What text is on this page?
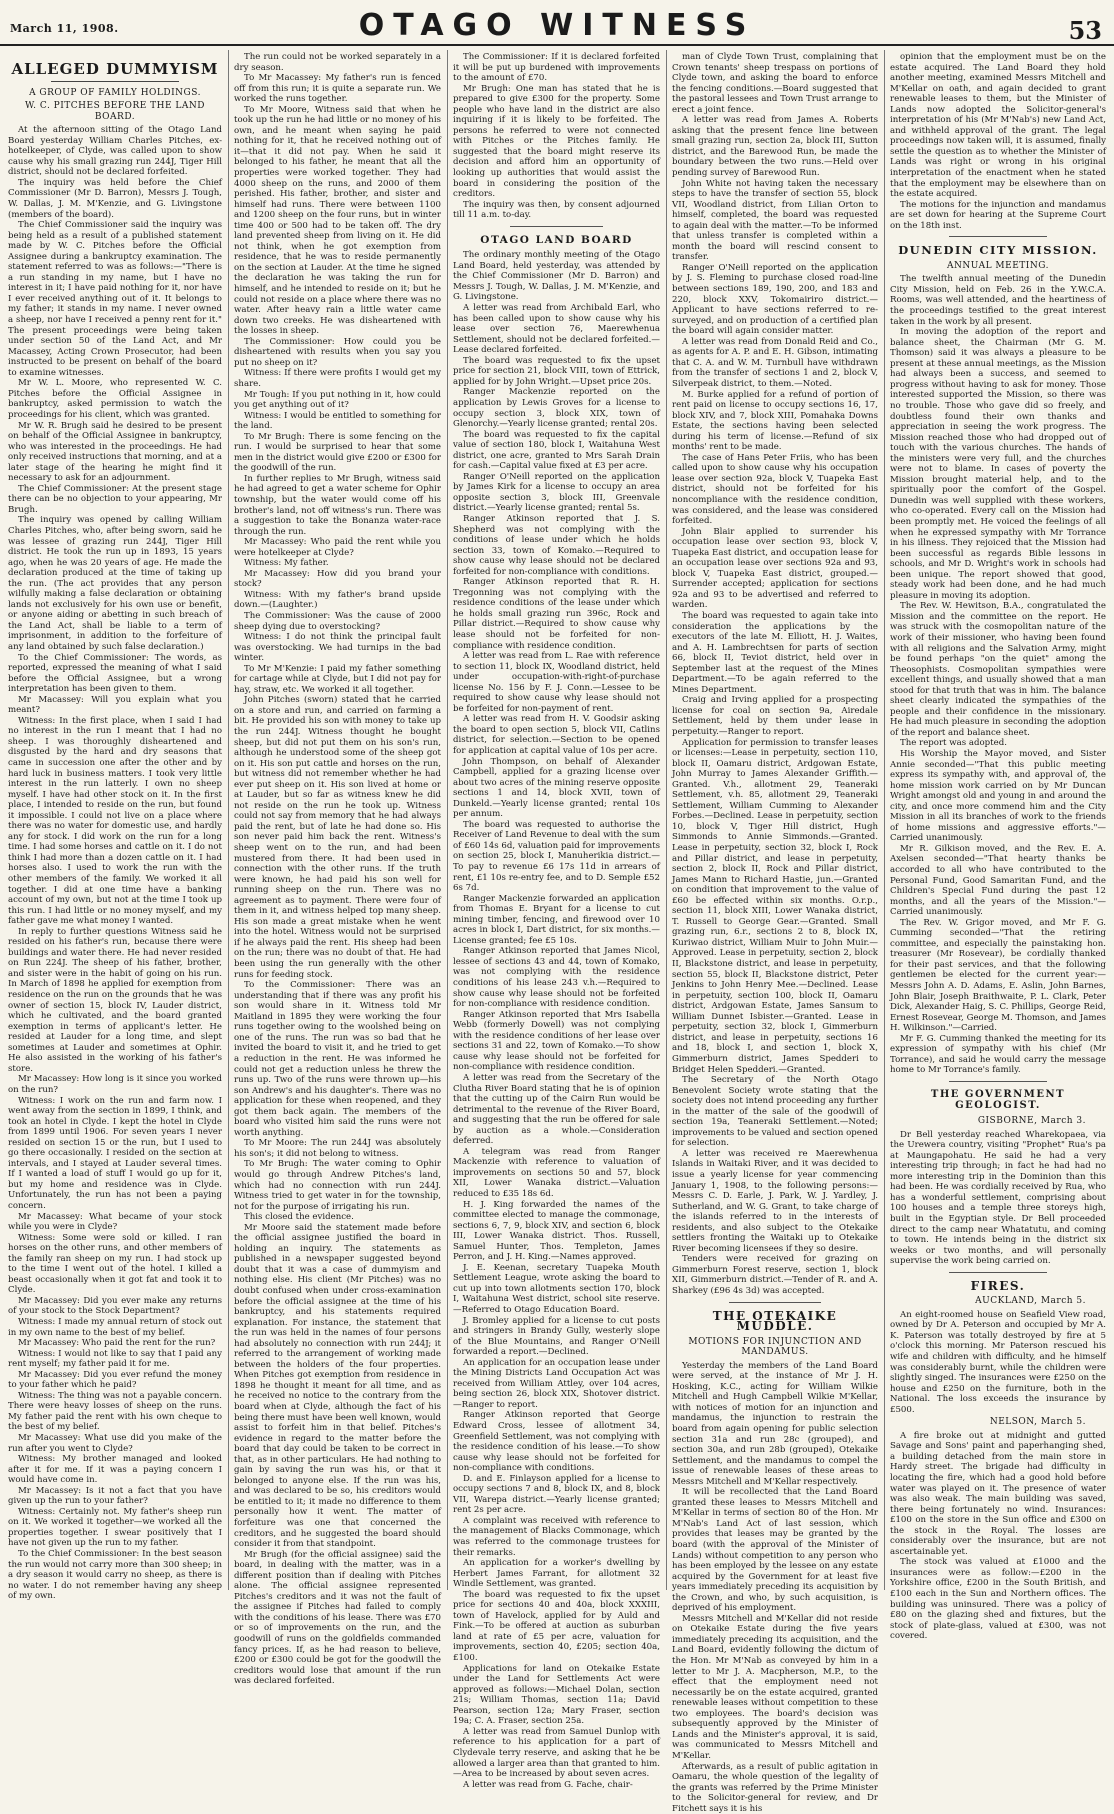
March 11, 1908.	OTAGO WITNESS	53
ALLEGED DUMMYISM
A GROUP OF FAMILY HOLDINGS.
W. C. PITCHES BEFORE THE LAND BOARD.

At the afternoon sitting of the Otago Land Board yesterday William Charles Pitches, ex-hotelkeeper, of Clyde, was called upon to show cause why his small grazing run 244J, Tiger Hill district, should not be declared forfeited.

The inquiry was held before the Chief Commissioner (Mr D. Barron), Messrs J. Tough, W. Dallas, J. M. M'Kenzie, and G. Livingstone (members of the board).

The Chief Commissioner said the inquiry was being held as a result of a published statement made by W. C. Pitches before the Official Assignee during a bankruptcy examination. The statement referred to was as follows:—"There is a run standing in my name, but I have no interest in it; I have paid nothing for it, nor have I ever received anything out of it. It belongs to my father; it stands in my name. I never owned a sheep, nor have I received a penny rent for it." The present proceedings were being taken under section 50 of the Land Act, and Mr Macassey, Acting Crown Prosecutor, had been instructed to be present on behalf of the board to examine witnesses.

Mr W. L. Moore, who represented W. C. Pitches before the Official Assignee in bankruptcy, asked permission to watch the proceedings for his client, which was granted.

Mr W. R. Brugh said he desired to be present on behalf of the Official Assignee in bankruptcy, who was interested in the proceedings. He had only received instructions that morning, and at a later stage of the hearing he might find it necessary to ask for an adjournment.

The Chief Commissioner: At the present stage there can be no objection to your appearing, Mr Brugh.

The inquiry was opened by calling William Charles Pitches, who, after being sworn, said he was lessee of grazing run 244J, Tiger Hill district. He took the run up in 1893, 15 years ago, when he was 20 years of age. He made the declaration produced at the time of taking up the run. (The act provides that any person wilfully making a false declaration or obtaining lands not exclusively for his own use or benefit, or anyone aiding or abetting in such breach of the Land Act, shall be liable to a term of imprisonment, in addition to the forfeiture of any land obtained by such false declaration.)

To the Chief Commissioner: The words, as reported, expressed the meaning of what I said before the Official Assignee, but a wrong interpretation has been given to them.

Mr Macassey: Will you explain what you meant?

Witness: In the first place, when I said I had no interest in the run I meant that I had no sheep. I was thoroughly disheartened and disgusted by the hard and dry seasons that came in succession one after the other and by hard luck in business matters. I took very little interest in the run latterly. I own no sheep myself. I have had other stock on it. In the first place, I intended to reside on the run, but found it impossible. I could not live on a place where there was no water for domestic use, and hardly any for stock. I did work on the run for a long time. I had some horses and cattle on it. I do not think I had more than a dozen cattle on it. I had horses also. I used to work the run with the other members of the family. We worked it all together. I did at one time have a banking account of my own, but not at the time I took up this run. I had little or no money myself, and my father gave me what money I wanted.

In reply to further questions Witness said he resided on his father's run, because there were buildings and water there. He had never resided on Run 224J. The sheep of his father, brother, and sister were in the habit of going on his run. In March of 1898 he applied for exemption from residence on the run on the grounds that he was owner of section 15, block IV, Lauder district, which he cultivated, and the board granted exemption in terms of applicant's letter. He resided at Lauder for a long time, and slept sometimes at Lauder and sometimes at Ophir. He also assisted in the working of his father's store.

Mr Macassey: How long is it since you worked on the run?

Witness: I work on the run and farm now. I went away from the section in 1899, I think, and took an hotel in Clyde. I kept the hotel in Clyde from 1899 until 1906. For seven years I never resided on section 15 or the run, but I used to go there occasionally. I resided on the section at intervals, and I stayed at Lauder several times. If I wanted a load of stuff I would go up for it, but my home and residence was in Clyde. Unfortunately, the run has not been a paying concern.

Mr Macassey: What became of your stock while you were in Clyde?

Witness: Some were sold or killed. I ran horses on the other runs, and other members of the family ran sheep on my run. I had stock up to the time I went out of the hotel. I killed a beast occasionally when it got fat and took it to Clyde.

Mr Macassey: Did you ever make any returns of your stock to the Stock Department?

Witness: I made my annual return of stock out in my own name to the best of my belief.

Mr Macassey: Who paid the rent for the run?

Witness: I would not like to say that I paid any rent myself; my father paid it for me.

Mr Macassey: Did you ever refund the money to your father which he paid?

Witness: The thing was not a payable concern. There were heavy losses of sheep on the runs. My father paid the rent with his own cheque to the best of my belief.

Mr Macassey: What use did you make of the run after you went to Clyde?

Witness: My brother managed and looked after it for me. If it was a paying concern I would have come in.

Mr Macassey: Is it not a fact that you have given up the run to your father?

Witness: Certainly not. My father's sheep run on it. We worked it together—we worked all the properties together. I swear positively that I have not given up the run to my father.

To the Chief Commissioner: In the best season the run would not carry more than 300 sheep; in a dry season it would carry no sheep, as there is no water. I do not remember having any sheep of my own.

The run could not be worked separately in a dry season.

To Mr Macassey: My father's run is fenced off from this run; it is quite a separate run. We worked the runs together.

To Mr Moore, Witness said that when he took up the run he had little or no money of his own, and he meant when saying he paid nothing for it, that he received nothing out of it—that it did not pay. When he said it belonged to his father, he meant that all the properties were worked together. They had 4000 sheep on the runs, and 2000 of them perished. His father, brother, and sister and himself had runs. There were between 1100 and 1200 sheep on the four runs, but in winter time 400 or 500 had to be taken off. The dry land prevented sheep from living on it. He did not think, when he got exemption from residence, that he was to reside permanently on the section at Lauder. At the time he signed the declaration he was taking the run for himself, and he intended to reside on it; but he could not reside on a place where there was no water. After heavy rain a little water came down two creeks. He was disheartened with the losses in sheep.

The Commissioner: How could you be disheartened with results when you say you put no sheep on it?

Witness: If there were profits I would get my share.

Mr Tough: If you put nothing in it, how could you get anything out of it?

Witness: I would be entitled to something for the land.

To Mr Brugh: There is some fencing on the run. I would be surprised to hear that some men in the district would give £200 or £300 for the goodwill of the run.

In further replies to Mr Brugh, witness said he had agreed to get a water scheme for Ophir township, but the water would come off his brother's land, not off witness's run. There was a suggestion to take the Bonanza water-race through the run.

Mr Macassey: Who paid the rent while you were hotelkeeper at Clyde?

Witness: My father.

Mr Macassey: How did you brand your stock?

Witness: With my father's brand upside down.—(Laughter.)

The Commissioner: Was the cause of 2000 sheep dying due to overstocking?

Witness: I do not think the principal fault was overstocking. We had turnips in the bad winter.

To Mr M'Kenzie: I paid my father something for cartage while at Clyde, but I did not pay for hay, straw, etc. We worked it all together.

John Pitches (sworn) stated that he carried on a store and run, and carried on farming a bit. He provided his son with money to take up the run 244J. Witness thought he bought sheep, but did not put them on his son's run, although he understood some of the sheep got on it. His son put cattle and horses on the run, but witness did not remember whether he had ever put sheep on it. His son lived at home or at Lauder, but so far as witness knew he did not reside on the run he took up. Witness could not say from memory that he had always paid the rent, but of late he had done so. His son never paid him back the rent. Witness's sheep went on to the run, and had been mustered from there. It had been used in connection with the other runs. If the truth were known, he had paid his son well for running sheep on the run. There was no agreement as to payment. There were four of them in it, and witness helped top many sheep. His son made a great mistake when he went into the hotel. Witness would not be surprised if he always paid the rent. His sheep had been on the run; there was no doubt of that. He had been using the run generally with the other runs for feeding stock.

To the Commissioner: There was an understanding that if there was any profit his son would share in it. Witness told Mr Maitland in 1895 they were working the four runs together owing to the woolshed being on one of the runs. The run was so bad that he invited the board to visit it, and he tried to get a reduction in the rent. He was informed he could not get a reduction unless he threw the runs up. Two of the runs were thrown up—his son Andrew's and his daughter's. There was no application for these when reopened, and they got them back again. The members of the board who visited him said the runs were not worth anything.

To Mr Moore: The run 244J was absolutely his son's; it did not belong to witness.

To Mr Brugh: The water coming to Ophir would go through Andrew Pitches's land, which had no connection with run 244J. Witness tried to get water in for the township, not for the purpose of irrigating his run.

This closed the evidence.

Mr Moore said the statement made before the official assignee justified the board in holding an inquiry. The statements as published in a newspaper suggested beyond doubt that it was a case of dummyism and nothing else. His client (Mr Pitches) was no doubt confused when under cross-examination before the official assignee at the time of his bankruptcy, and his statements required explanation. For instance, the statement that the run was held in the names of four persons had absolutely no connection with run 244J; it referred to the arrangement of working made between the holders of the four properties. When Pitches got exemption from residence in 1898 he thought it meant for all time, and as he received no notice to the contrary from the board when at Clyde, although the fact of his being there must have been well known, would assist to forfeit him in that belief. Pitches's evidence in regard to the matter before the board that day could be taken to be correct in that, as in other particulars. He had nothing to gain by saving the run was his, or that it belonged to anyone else. If the run was his, and was declared to be so, his creditors would be entitled to it; it made no difference to them personally how it went. The matter of forfeiture was one that concerned the creditors, and he suggested the board should consider it from that standpoint.

Mr Brugh (for the official assignee) said the board, in dealing with the matter, was in a different position than if dealing with Pitches alone. The official assignee represented Pitches's creditors and it was not the fault of the assignee if Pitches had failed to comply with the conditions of his lease. There was £70 or so of improvements on the run, and the goodwill of runs on the goldfields commanded fancy prices. If, as he had reason to believe, £200 or £300 could be got for the goodwill the creditors would lose that amount if the run was declared forfeited.

The Commissioner: If it is declared forfeited it will be put up burdened with improvements to the amount of £70.

Mr Brugh: One man has stated that he is prepared to give £300 for the property. Some people who have land in the district are also inquiring if it is likely to be forfeited. The persons he referred to were not connected with Pitches or the Pitches family. He suggested that the board might reserve its decision and afford him an opportunity of looking up authorities that would assist the board in considering the position of the creditors.

The inquiry was then, by consent adjourned till 11 a.m. to-day.

OTAGO LAND BOARD

The ordinary monthly meeting of the Otago Land Board, held yesterday, was attended by the Chief Commissioner (Mr D. Barron) and Messrs J. Tough, W. Dallas, J. M. M'Kenzie, and G. Livingstone.

A letter was read from Archibald Earl, who has been called upon to show cause why his lease over section 76, Maerewhenua Settlement, should not be declared forfeited.—Lease declared forfeited.

The board was requested to fix the upset price for section 21, block VIII, town of Ettrick, applied for by John Wright.—Upset price 20s.

Ranger Mackenzie reported on the application by Lewis Groves for a license to occupy section 3, block XIX, town of Glenorchy.—Yearly license granted; rental 20s.

The board was requested to fix the capital value of section 180, block I, Waitahuna West district, one acre, granted to Mrs Sarah Drain for cash.—Capital value fixed at £3 per acre.

Ranger O'Neill reported on the application by James Kirk for a license to occupy an area opposite section 3, block III, Greenvale district.—Yearly license granted; rental 5s.

Ranger Atkinson reported that J. S. Shepherd was not complying with the conditions of lease under which he holds section 33, town of Komako.—Required to show cause why lease should not be declared forfeited for non-compliance with conditions.

Ranger Atkinson reported that R. H. Tregonning was not complying with the residence conditions of the lease under which he holds small grazing run 396c, Rock and Pillar district.—Required to show cause why lease should not be forfeited for non-compliance with residence condition.

A letter was read from L. Rae with reference to section 11, block IX, Woodland district, held under occupation-with-right-of-purchase license No. 156 by F. J. Conn.—Lessee to be required to show cause why lease should not be forfeited for non-payment of rent.

A letter was read from H. V. Goodsir asking the board to open section 5, block VII, Catlins district, for selection.—Section to be opened for application at capital value of 10s per acre.

John Thompson, on behalf of Alexander Campbell, applied for a grazing license over about two acres of the mining reserve opposite sections 1 and 14, block XVII, town of Dunkeld.—Yearly license granted; rental 10s per annum.

The board was requested to authorise the Receiver of Land Revenue to deal with the sum of £60 14s 6d, valuation paid for improvements on section 25, block I, Manuherikia district.—To pay to revenue £6 17s 11d in arrears of rent, £1 10s re-entry fee, and to D. Semple £52 6s 7d.

Ranger Mackenzie forwarded an application from Thomas E. Bryant for a license to cut mining timber, fencing, and firewood over 10 acres in block I, Dart district, for six months.—License granted; fee £5 10s.

Ranger Atkinson reported that James Nicol, lessee of sections 43 and 44, town of Komako, was not complying with the residence conditions of his lease 243 v.h.—Required to show cause why lease should not be forfeited for non-compliance with residence condition.

Ranger Atkinson reported that Mrs Isabella Webb (formerly Dowell) was not complying with the residence conditions of her lease over sections 31 and 22, town of Komako.—To show cause why lease should not be forfeited for non-compliance with residence condition.

A letter was read from the Secretary of the Clutha River Board stating that he is of opinion that the cutting up of the Cairn Run would be detrimental to the revenue of the River Board, and suggesting that the run be offered for sale by auction as a whole.—Consideration deferred.

A telegram was read from Ranger Mackenzie with reference to valuation of improvements on sections 50 and 57, block XII, Lower Wanaka district.—Valuation reduced to £35 18s 6d.

H. J. King forwarded the names of the committee elected to manage the commonage, sections 6, 7, 9, block XIV, and section 6, block III, Lower Wanaka district. Thos. Russell, Samuel Hunter, Thos. Templeton, James Perron, and J. H. King.—Names approved.

J. E. Keenan, secretary Tuapeka Mouth Settlement League, wrote asking the board to cut up into town allotments section 170, block I, Waitahuna West district, school site reserve.—Referred to Otago Education Board.

J. Bromley applied for a license to cut posts and stringers in Brandy Gully, westerly slope of the Blue Mountains, and Ranger O'Neill forwarded a report.—Declined.

An application for an occupation lease under the Mining Districts Land Occupation Act was received from William Attley, over 104 acres, being section 26, block XIX, Shotover district.—Ranger to report.

Ranger Atkinson reported that George Edward Cross, lessee of allotment 34, Greenfield Settlement, was not complying with the residence condition of his lease.—To show cause why lease should not be forfeited for non-compliance with conditions.

D. and E. Finlayson applied for a license to occupy sections 7 and 8, block IX, and 8, block VII, Warepa district.—Yearly license granted; rent 2s per acre.

A complaint was received with reference to the management of Blacks Commonage, which was referred to the commonage trustees for their remarks.

An application for a worker's dwelling by Herbert James Farrant, for allotment 32 Windle Settlement, was granted.

The board was requested to fix the upset price for sections 40 and 40a, block XXXIII, town of Havelock, applied for by Auld and Fink.—To be offered at auction as suburban land at rate of £5 per acre, valuation for improvements, section 40, £205; section 40a, £100.

Applications for land on Otekaike Estate under the Land for Settlements Act were approved as follows:—Michael Dolan, section 21s; William Thomas, section 11a; David Pearson, section 12a; Mary Fraser, section 19a; C. A. Fraser, section 25a.

A letter was read from Samuel Dunlop with reference to his application for a part of Clydevale terry reserve, and asking that he be allowed a larger area than that granted to him.—Area to be increased by about seven acres.

A letter was read from G. Fache, chair-

man of Clyde Town Trust, complaining that Crown tenants' sheep trespass on portions of Clyde town, and asking the board to enforce the fencing conditions.—Board suggested that the pastoral lessees and Town Trust arrange to erect a joint fence.

A letter was read from James A. Roberts asking that the present fence line between small grazing run, section 2a, block III, Sutton district, and the Barewood Run, be made the boundary between the two runs.—Held over pending survey of Barewood Run.

John White not having taken the necessary steps to have the transfer of section 55, block VII, Woodland district, from Lilian Orton to himself, completed, the board was requested to again deal with the matter.—To be informed that unless transfer is completed within a month the board will rescind consent to transfer.

Ranger O'Neill reported on the application by J. S. Fleming to purchase closed road-line between sections 189, 190, 200, and 183 and 220, block XXV, Tokomairiro district.—Applicant to have sections referred to re-surveyed, and on production of a certified plan the board will again consider matter.

A letter was read from Donald Reid and Co., as agents for A. P. and E. H. Gibson, intimating that C. A. and W. M. Turnbull have withdrawn from the transfer of sections 1 and 2, block V, Silverpeak district, to them.—Noted.

M. Burke applied for a refund of portion of rent paid on license to occupy sections 16, 17, block XIV, and 7, block XIII, Pomahaka Downs Estate, the sections having been selected during his term of license.—Refund of six months' rent to be made.

The case of Hans Peter Friis, who has been called upon to show cause why his occupation lease over section 92a, block V, Tuapeka East district, should not be forfeited for his noncompliance with the residence condition, was considered, and the lease was considered forfeited.

John Blair applied to surrender his occupation lease over section 93, block V, Tuapeka East district, and occupation lease for an occupation lease over sections 92a and 93, block V, Tuapeka East district, grouped.—Surrender accepted; application for sections 92a and 93 to be advertised and referred to warden.

The board was requested to again take into consideration the applications by the executors of the late M. Elliott, H. J. Waites, and A. H. Lambrechtsen for parts of section 66, block II, Teviot district, held over in September last at the request of the Mines Department.—To be again referred to the Mines Department.

Craig and Irving applied for a prospecting license for coal on section 9a, Airedale Settlement, held by them under lease in perpetuity.—Ranger to report.

Application for permission to transfer leases or licenses:—Lease in perpetuity, section 110, block II, Oamaru district, Ardgowan Estate, John Murray to James Alexander Griffith.—Granted. V.h., allotment 29, Teaneraki Settlement, v.h. 85, allotment 29, Teaneraki Settlement, William Cumming to Alexander Forbes.—Declined. Lease in perpetuity, section 10, block V, Tiger Hill district, Hugh Simmonds to Annie Simmonds.—Granted. Lease in perpetuity, section 32, block I, Rock and Pillar district, and lease in perpetuity, section 2, block II, Rock and Pillar district, James Mann to Richard Hastie, jun.—Granted on condition that improvement to the value of £60 be effected within six months. O.r.p., section 11, block XIII, Lower Wanaka district, T. Russell to George Gear.—Granted. Small grazing run, 6.r., sections 2 to 8, block IX, Kuriwao district, William Muir to John Muir.—Approved. Lease in perpetuity, section 2, block II, Blackstone district, and lease in perpetuity, section 55, block II, Blackstone district, Peter Jenkins to John Henry Mee.—Declined. Lease in perpetuity, section 100, block II, Oamaru district, Ardgowan Estate, James Sansum to William Dunnet Isbister.—Granted. Lease in perpetuity, section 32, block I, Gimmerburn district, and lease in perpetuity, sections 16 and 18, block I, and section 1, block X, Gimmerburn district, James Spedderi to Bridget Helen Spedderi.—Granted.

The Secretary of the North Otago Benevolent Society wrote stating that the society does not intend proceeding any further in the matter of the sale of the goodwill of section 19a, Teaneraki Settlement.—Noted; improvements to be valued and section opened for selection.

A letter was received re Maerewhenua Islands in Waitaki River, and it was decided to issue a yearly license for year commencing January 1, 1908, to the following persons:—Messrs C. D. Earle, J. Park, W. J. Yardley, J. Sutherland, and W. G. Grant, to take charge of the islands referred to in the interests of residents, and also subject to the Otekaike settlers fronting the Waitaki up to Otekaike River becoming licensees if they so desire.

Tenders were received for grazing on Gimmerburn Forest reserve, section 1, block XII, Gimmerburn district.—Tender of R. and A. Sharkey (£96 4s 3d) was accepted.

THE OTEKAIKE MUDDLE.
MOTIONS FOR INJUNCTION AND MANDAMUS.

Yesterday the members of the Land Board were served, at the instance of Mr J. H. Hosking, K.C., acting for William Wilkie Mitchell and Hugh Campbell Wilkie M'Kellar, with notices of motion for an injunction and mandamus, the injunction to restrain the board from again opening for public selection section 31a and run 28c (grouped), and section 30a, and run 28b (grouped), Otekaike Settlement, and the mandamus to compel the issue of renewable leases of these areas to Messrs Mitchell and M'Kellar respectively.

It will be recollected that the Land Board granted these leases to Messrs Mitchell and M'Kellar in terms of section 80 of the Hon. Mr M'Nab's Land Act of last session, which provides that leases may be granted by the board (with the approval of the Minister of Lands) without competition to any person who has been employed by the lessee on any estate acquired by the Government for at least five years immediately preceding its acquisition by the Crown, and who, by such acquisition, is deprived of his employment.

Messrs Mitchell and M'Kellar did not reside on Otekaike Estate during the five years immediately preceding its acquisition, and the Land Board, evidently following the dictum of the Hon. Mr M'Nab as conveyed by him in a letter to Mr J. A. Macpherson, M.P., to the effect that the employment need not necessarily be on the estate acquired, granted renewable leases without competition to these two employees. The board's decision was subsequently approved by the Minister of Lands and the Minister's approval, it is said, was communicated to Messrs Mitchell and M'Kellar.

Afterwards, as a result of public agitation in Oamaru, the whole question of the legality of the grants was referred by the Prime Minister to the Solicitor-general for review, and Dr Fitchett says it is his

opinion that the employment must be on the estate acquired. The Land Board they hold another meeting, examined Messrs Mitchell and M'Kellar on oath, and again decided to grant renewable leases to them, but the Minister of Lands now adopted the Solicitor-general's interpretation of his (Mr M'Nab's) new Land Act, and withheld approval of the grant. The legal proceedings now taken will, it is assumed, finally settle the question as to whether the Minister of Lands was right or wrong in his original interpretation of the enactment when he stated that the employment may be elsewhere than on the estate acquired.

The motions for the injunction and mandamus are set down for hearing at the Supreme Court on the 18th inst.

DUNEDIN CITY MISSION.
ANNUAL MEETING.

The twelfth annual meeting of the Dunedin City Mission, held on Feb. 26 in the Y.W.C.A. Rooms, was well attended, and the heartiness of the proceedings testified to the great interest taken in the work by all present.

In moving the adoption of the report and balance sheet, the Chairman (Mr G. M. Thomson) said it was always a pleasure to be present at these annual meetings, as the Mission had always been a success, and seemed to progress without having to ask for money. Those interested supported the Mission, so there was no trouble. Those who gave did so freely, and doubtless found their own thanks and appreciation in seeing the work progress. The Mission reached those who had dropped out of touch with the various churches. The hands of the ministers were very full, and the churches were not to blame. In cases of poverty the Mission brought material help, and to the spiritually poor the comfort of the Gospel. Dunedin was well supplied with these workers, who co-operated. Every call on the Mission had been promptly met. He voiced the feelings of all when he expressed sympathy with Mr Torrance in his illness. They rejoiced that the Mission had been successful as regards Bible lessons in schools, and Mr D. Wright's work in schools had been unique. The report showed that good, steady work had been done, and he had much pleasure in moving its adoption.

The Rev. W. Hewitson, B.A., congratulated the Mission and the committee on the report. He was struck with the cosmopolitan nature of the work of their missioner, who having been found with all religions and the Salvation Army, might be found perhaps "on the quiet" among the Theosophists. Cosmopolitan sympathies were excellent things, and usually showed that a man stood for that truth that was in him. The balance sheet clearly indicated the sympathies of the people and their confidence in the missionary. He had much pleasure in seconding the adoption of the report and balance sheet.

The report was adopted.

His Worship the Mayor moved, and Sister Annie seconded—"That this public meeting express its sympathy with, and approval of, the home mission work carried on by Mr Duncan Wright amongst old and young in and around the city, and once more commend him and the City Mission in all its branches of work to the friends of home missions and aggressive efforts."—Carried unanimously.

Mr R. Gilkison moved, and the Rev. E. A. Axelsen seconded—"That hearty thanks be accorded to all who have contributed to the Personal Fund, Good Samaritan Fund, and the Children's Special Fund during the past 12 months, and all the years of the Mission."—Carried unanimously.

The Rev. W. Grigor moved, and Mr F. G. Cumming seconded—"That the retiring committee, and especially the painstaking hon. treasurer (Mr Rosevear), be cordially thanked for their past services, and that the following gentlemen be elected for the current year:—Messrs John A. D. Adams, E. Aslin, John Barnes, John Blair, Joseph Braithwaite, P. L. Clark, Peter Dick, Alexander Haig, S. C. Phillips, George Reid, Ernest Rosevear, George M. Thomson, and James H. Wilkinson."—Carried.

Mr F. G. Cumming thanked the meeting for its expression of sympathy with his chief (Mr Torrance), and said he would carry the message home to Mr Torrance's family.

THE GOVERNMENT GEOLOGIST.
GISBORNE, March 3.

Dr Bell yesterday reached Wharekopaea, via the Urewera country, visiting "Prophet" Rua's pa at Maungapohatu. He said he had a very interesting trip through; in fact he had had no more interesting trip in the Dominion than this had been. He was cordially received by Rua, who has a wonderful settlement, comprising about 100 houses and a temple three storeys high, built in the Egyptian style. Dr Bell proceeded direct to the camp near Whatatutu, and coming to town. He intends being in the district six weeks or two months, and will personally supervise the work being carried on.

FIRES.
AUCKLAND, March 5.

An eight-roomed house on Seafield View road, owned by Dr A. Peterson and occupied by Mr A. K. Paterson was totally destroyed by fire at 5 o'clock this morning. Mr Paterson rescued his wife and children with difficulty, and he himself was considerably burnt, while the children were slightly singed. The insurances were £250 on the house and £250 on the furniture, both in the National. The loss exceeds the insurance by £500.

NELSON, March 5.

A fire broke out at midnight and gutted Savage and Sons' paint and paperhanging shed, a building detached from the main store in Hardy street. The brigade had difficulty in locating the fire, which had a good hold before water was played on it. The presence of water was also weak. The main building was saved, there being fortunately no wind. Insurances: £100 on the store in the Sun office and £300 on the stock in the Royal. The losses are considerably over the insurance, but are not ascertainable yet.

The stock was valued at £1000 and the insurances were as follow:—£200 in the Yorkshire office, £200 in the South British, and £100 each in the Sun and Northern offices. The building was uninsured. There was a policy of £80 on the glazing shed and fixtures, but the stock of plate-glass, valued at £300, was not covered.
